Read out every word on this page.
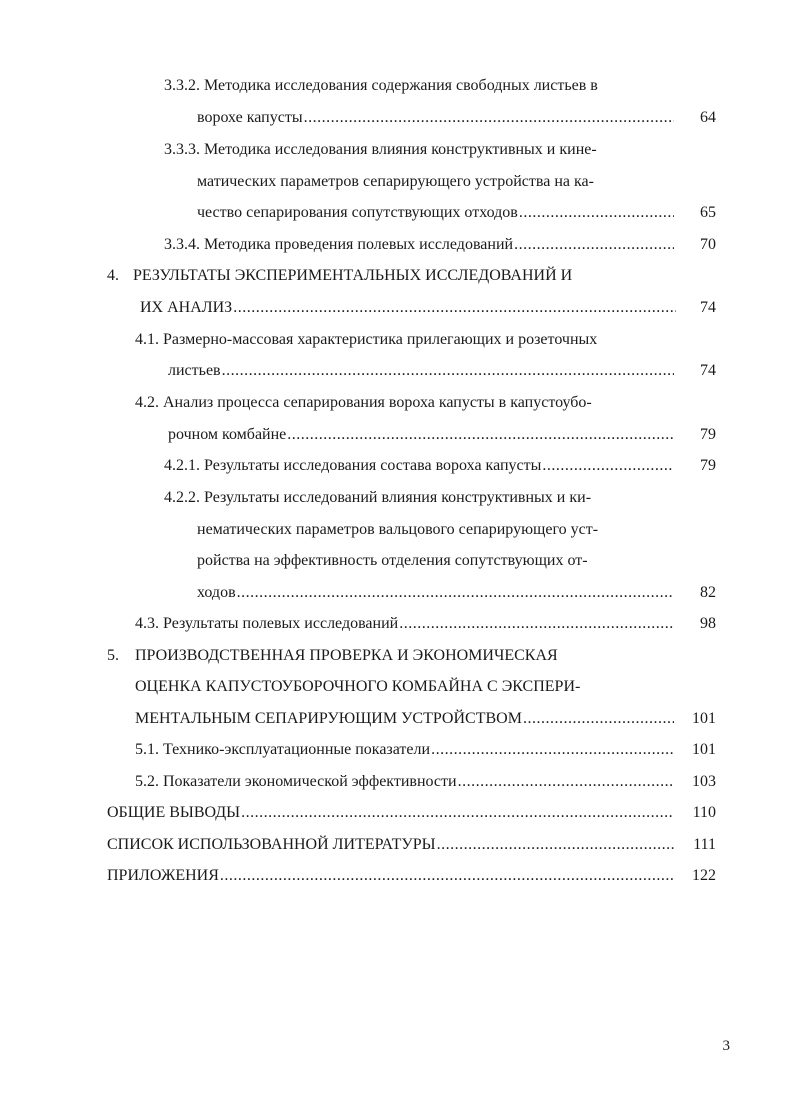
3.3.2. Методика исследования содержания свободных листьев в
ворохе капусты .....	64
3.3.3. Методика исследования влияния конструктивных и кине-
матических параметров сепарирующего устройства на ка-
чество сепарирования сопутствующих отходов .....	65
3.3.4. Методика проведения полевых исследований .....	70
4. РЕЗУЛЬТАТЫ ЭКСПЕРИМЕНТАЛЬНЫХ ИССЛЕДОВАНИЙ И
ИХ АНАЛИЗ .....	74
4.1. Размерно-массовая характеристика прилегающих и розеточных
листьев .....	74
4.2. Анализ процесса сепарирования вороха капусты в капустоубо-
рочном комбайне .....	79
4.2.1. Результаты исследования состава вороха капусты .....	79
4.2.2. Результаты исследований влияния конструктивных и ки-
нематических параметров вальцового сепарирующего уст-
ройства на эффективность отделения сопутствующих от-
ходов .....	82
4.3. Результаты полевых исследований .....	98
5. ПРОИЗВОДСТВЕННАЯ ПРОВЕРКА И ЭКОНОМИЧЕСКАЯ
ОЦЕНКА КАПУСТОУБОРОЧНОГО КОМБАЙНА С ЭКСПЕРИ-
МЕНТАЛЬНЫМ СЕПАРИРУЮЩИМ УСТРОЙСТВОМ .....	101
5.1. Технико-эксплуатационные показатели .....	101
5.2. Показатели экономической эффективности .....	103
ОБЩИЕ ВЫВОДЫ .....	110
СПИСОК ИСПОЛЬЗОВАННОЙ ЛИТЕРАТУРЫ .....	111
ПРИЛОЖЕНИЯ .....	122
3
